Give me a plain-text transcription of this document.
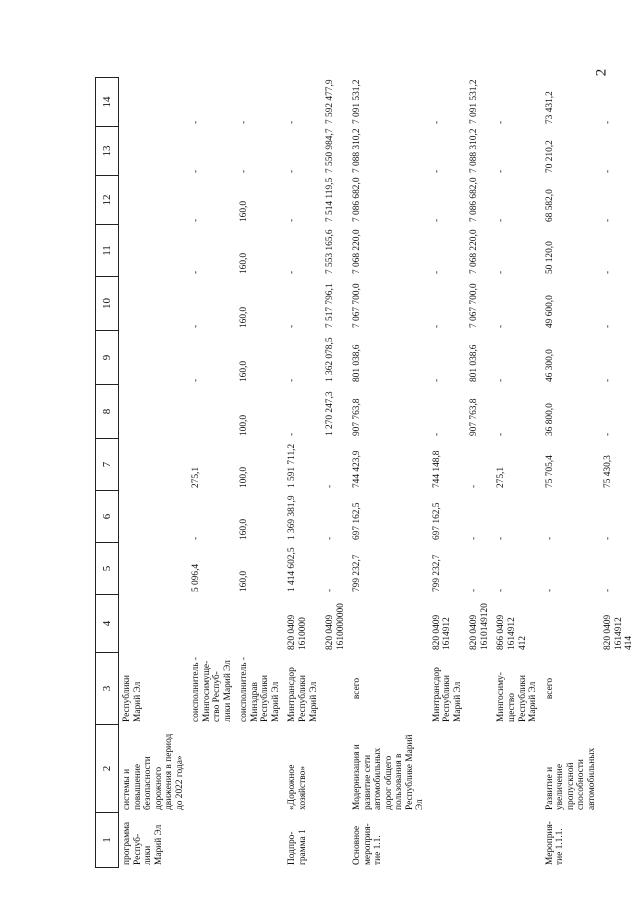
2
1	2	3	4	5	6	7	8	9	10	11	12	13	14
программа Респуб-
лики
Марий Эл	системы и повышение безопасности дорожного движения в период до 2022 года»	Республики
Марий Эл											
		соисполнитель -
Мингосимуще-
ство Респуб-
лики Марий Эл		5 096,4	-	275,1		-	-	-	-	-	-
		соисполнитель -
Минздрав
Республики
Марий Эл		160,0	160,0	100,0	100,0	160,0	160,0	160,0	160,0	-	-
Подпро-
грамма 1	«Дорожное
хозяйство»	Минтрансдор
Республики
Марий Эл	820 0409
1610000	1 414 602,5	1 369 381,9	1 591 711,2	-	-	-	-	-	-	-
			820 0409
1610000000	-	-	-	1 270 247,3	1 362 078,5	7 517 796,1	7 553 165,6	7 514 119,5	7 550 984,7	7 592 477,9
Основное
мероприя-
тие 1.1.	Модернизация и развитие сети автомобильных дорог общего пользования в Республике Марий Эл	всего		799 232,7	697 162,5	744 423,9	907 763,8	801 038,6	7 067 700,0	7 068 220,0	7 086 682,0	7 088 310,2	7 091 531,2
		Минтрансдор
Республики
Марий Эл	820 0409
1614912	799 232,7	697 162,5	744 148,8	-	-	-	-	-	-	-
			820 0409
1610149120	-	-	-	907 763,8	801 038,6	7 067 700,0	7 068 220,0	7 086 682,0	7 088 310,2	7 091 531,2
		Мингосиму-
щество
Республики
Марий Эл	866 0409
1614912
412	-	-	275,1	-	-	-	-	-	-	-
Мероприя-
тие 1.1.1.	Развитие и увеличение пропускной способности автомобильных	всего		-	-	75 705,4	36 800,0	46 300,0	49 600,0	50 120,0	68 582,0	70 210,2	73 431,2
			820 0409
1614912
414	-	-	75 430,3	-	-	-	-	-	-	-
